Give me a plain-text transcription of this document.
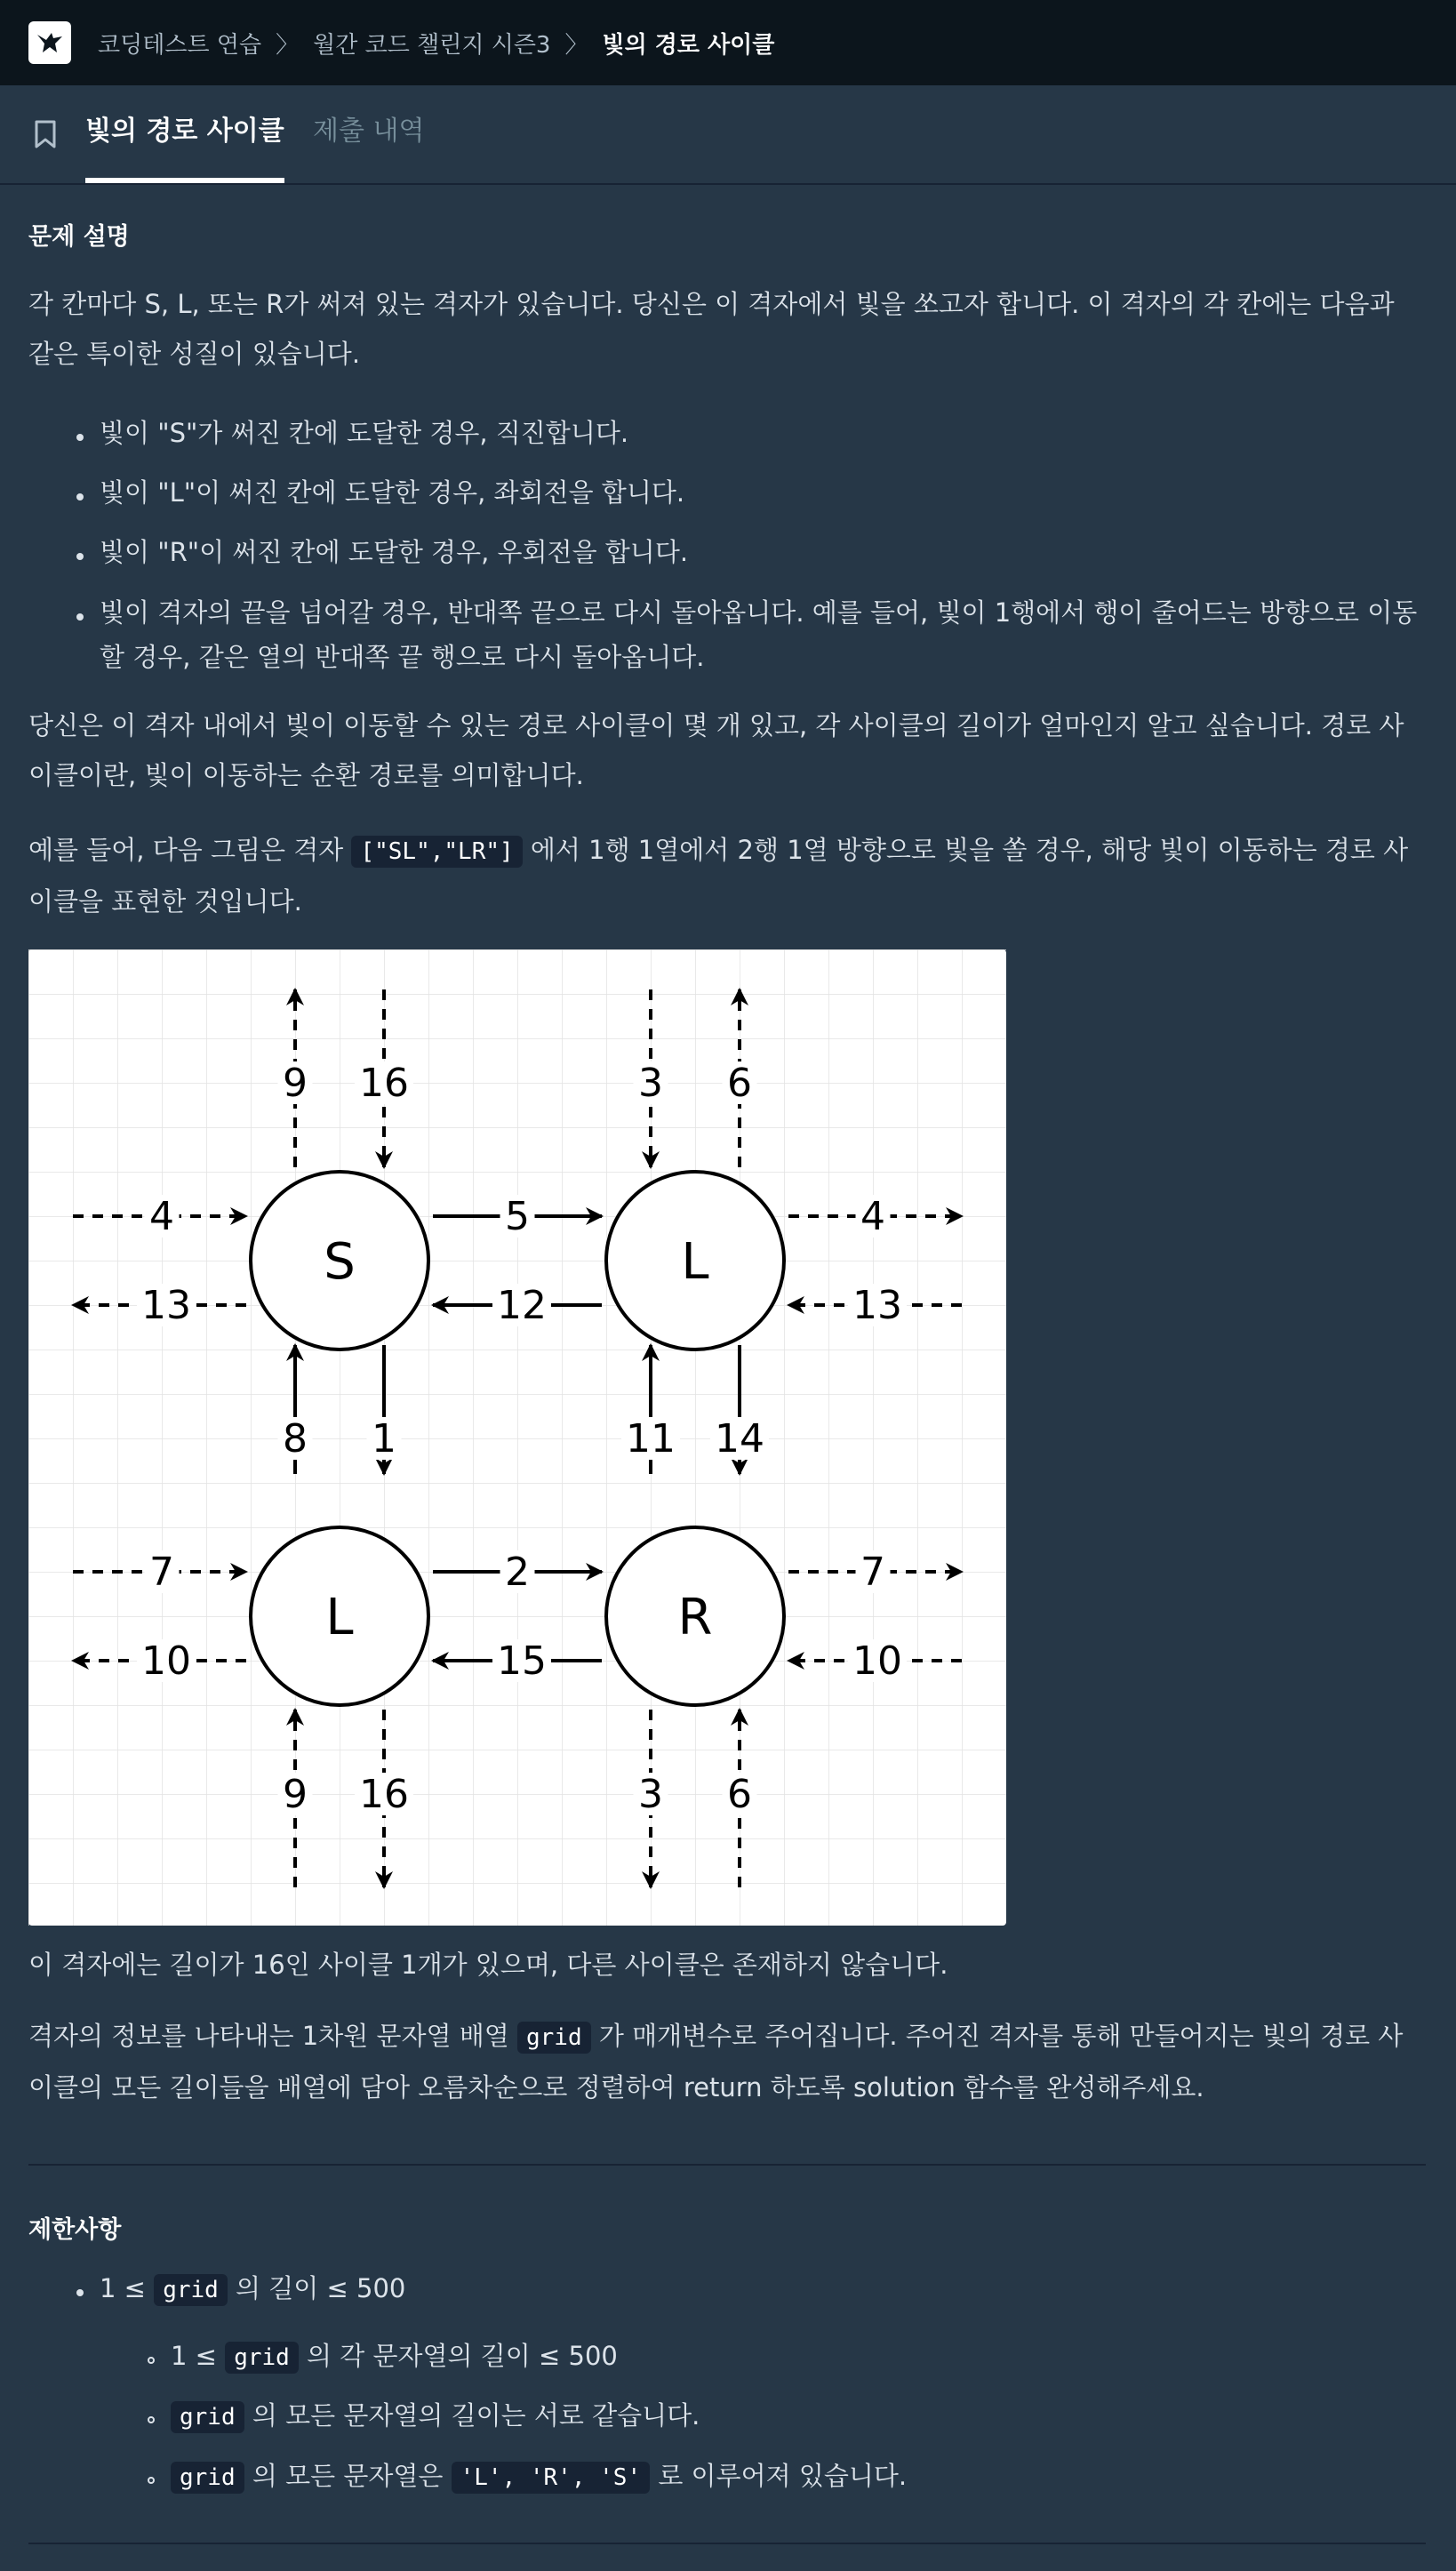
코딩테스트 연습 〉 월간 코드 챌린지 시즌3 〉 빛의 경로 사이클
빛의 경로 사이클 제출 내역
문제 설명
각 칸마다 S, L, 또는 R가 써져 있는 격자가 있습니다. 당신은 이 격자에서 빛을 쏘고자 합니다. 이 격자의 각 칸에는 다음과 같은 특이한 성질이 있습니다.
빛이 "S"가 써진 칸에 도달한 경우, 직진합니다.
빛이 "L"이 써진 칸에 도달한 경우, 좌회전을 합니다.
빛이 "R"이 써진 칸에 도달한 경우, 우회전을 합니다.
빛이 격자의 끝을 넘어갈 경우, 반대쪽 끝으로 다시 돌아옵니다. 예를 들어, 빛이 1행에서 행이 줄어드는 방향으로 이동할 경우, 같은 열의 반대쪽 끝 행으로 다시 돌아옵니다.
당신은 이 격자 내에서 빛이 이동할 수 있는 경로 사이클이 몇 개 있고, 각 사이클의 길이가 얼마인지 알고 싶습니다. 경로 사이클이란, 빛이 이동하는 순환 경로를 의미합니다.
예를 들어, 다음 그림은 격자 ["SL","LR"] 에서 1행 1열에서 2행 1열 방향으로 빛을 쏠 경우, 해당 빛이 이동하는 경로 사이클을 표현한 것입니다.
S	L
L	R
9 16
9 16
8 1
3 6
3 6
11 14
4	5	4
13	12	13
7	2	7
10	15	10
이 격자에는 길이가 16인 사이클 1개가 있으며, 다른 사이클은 존재하지 않습니다.
격자의 정보를 나타내는 1차원 문자열 배열 grid 가 매개변수로 주어집니다. 주어진 격자를 통해 만들어지는 빛의 경로 사이클의 모든 길이들을 배열에 담아 오름차순으로 정렬하여 return 하도록 solution 함수를 완성해주세요.
제한사항
1 ≤ grid 의 길이 ≤ 500
1 ≤ grid 의 각 문자열의 길이 ≤ 500
grid 의 모든 문자열의 길이는 서로 같습니다.
grid 의 모든 문자열은 'L', 'R', 'S' 로 이루어져 있습니다.
